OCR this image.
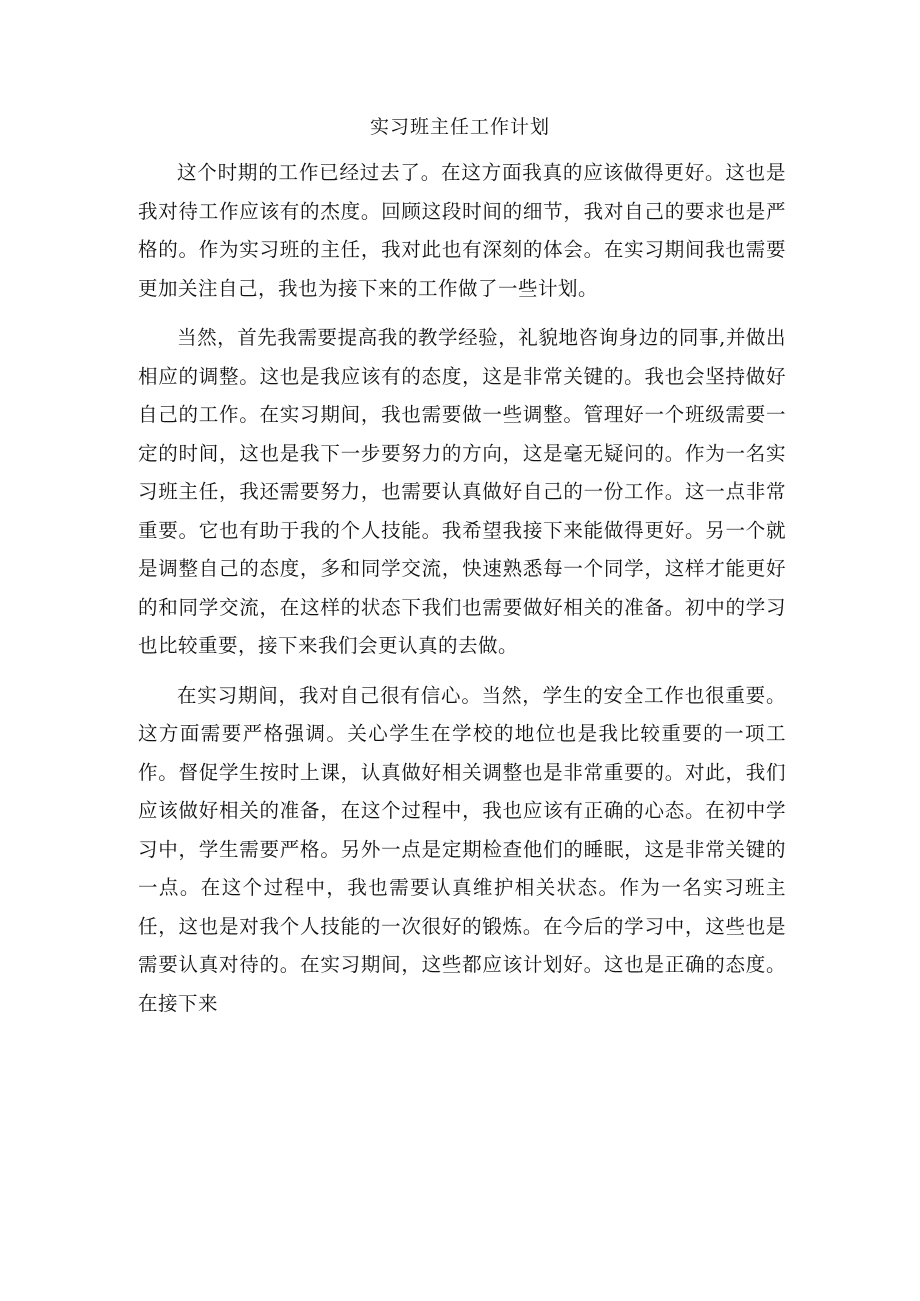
实习班主任工作计划

这个时期的工作已经过去了。在这方面我真的应该做得更好。这也是我对待工作应该有的杰度。回顾这段时间的细节，我对自己的要求也是严格的。作为实习班的主任，我对此也有深刻的体会。在实习期间我也需要更加关注自己，我也为接下来的工作做了一些计划。

当然，首先我需要提高我的教学经验，礼貌地咨询身边的同事,并做出相应的调整。这也是我应该有的态度，这是非常关键的。我也会坚持做好自己的工作。在实习期间，我也需要做一些调整。管理好一个班级需要一定的时间，这也是我下一步要努力的方向，这是毫无疑问的。作为一名实习班主任，我还需要努力，也需要认真做好自己的一份工作。这一点非常重要。它也有助于我的个人技能。我希望我接下来能做得更好。另一个就是调整自己的态度，多和同学交流，快速熟悉每一个同学，这样才能更好的和同学交流，在这样的状态下我们也需要做好相关的准备。初中的学习也比较重要，接下来我们会更认真的去做。

在实习期间，我对自己很有信心。当然，学生的安全工作也很重要。这方面需要严格强调。关心学生在学校的地位也是我比较重要的一项工作。督促学生按时上课，认真做好相关调整也是非常重要的。对此，我们应该做好相关的准备，在这个过程中，我也应该有正确的心态。在初中学习中，学生需要严格。另外一点是定期检查他们的睡眠，这是非常关键的一点。在这个过程中，我也需要认真维护相关状态。作为一名实习班主任，这也是对我个人技能的一次很好的锻炼。在今后的学习中，这些也是需要认真对待的。在实习期间，这些都应该计划好。这也是正确的态度。在接下来
